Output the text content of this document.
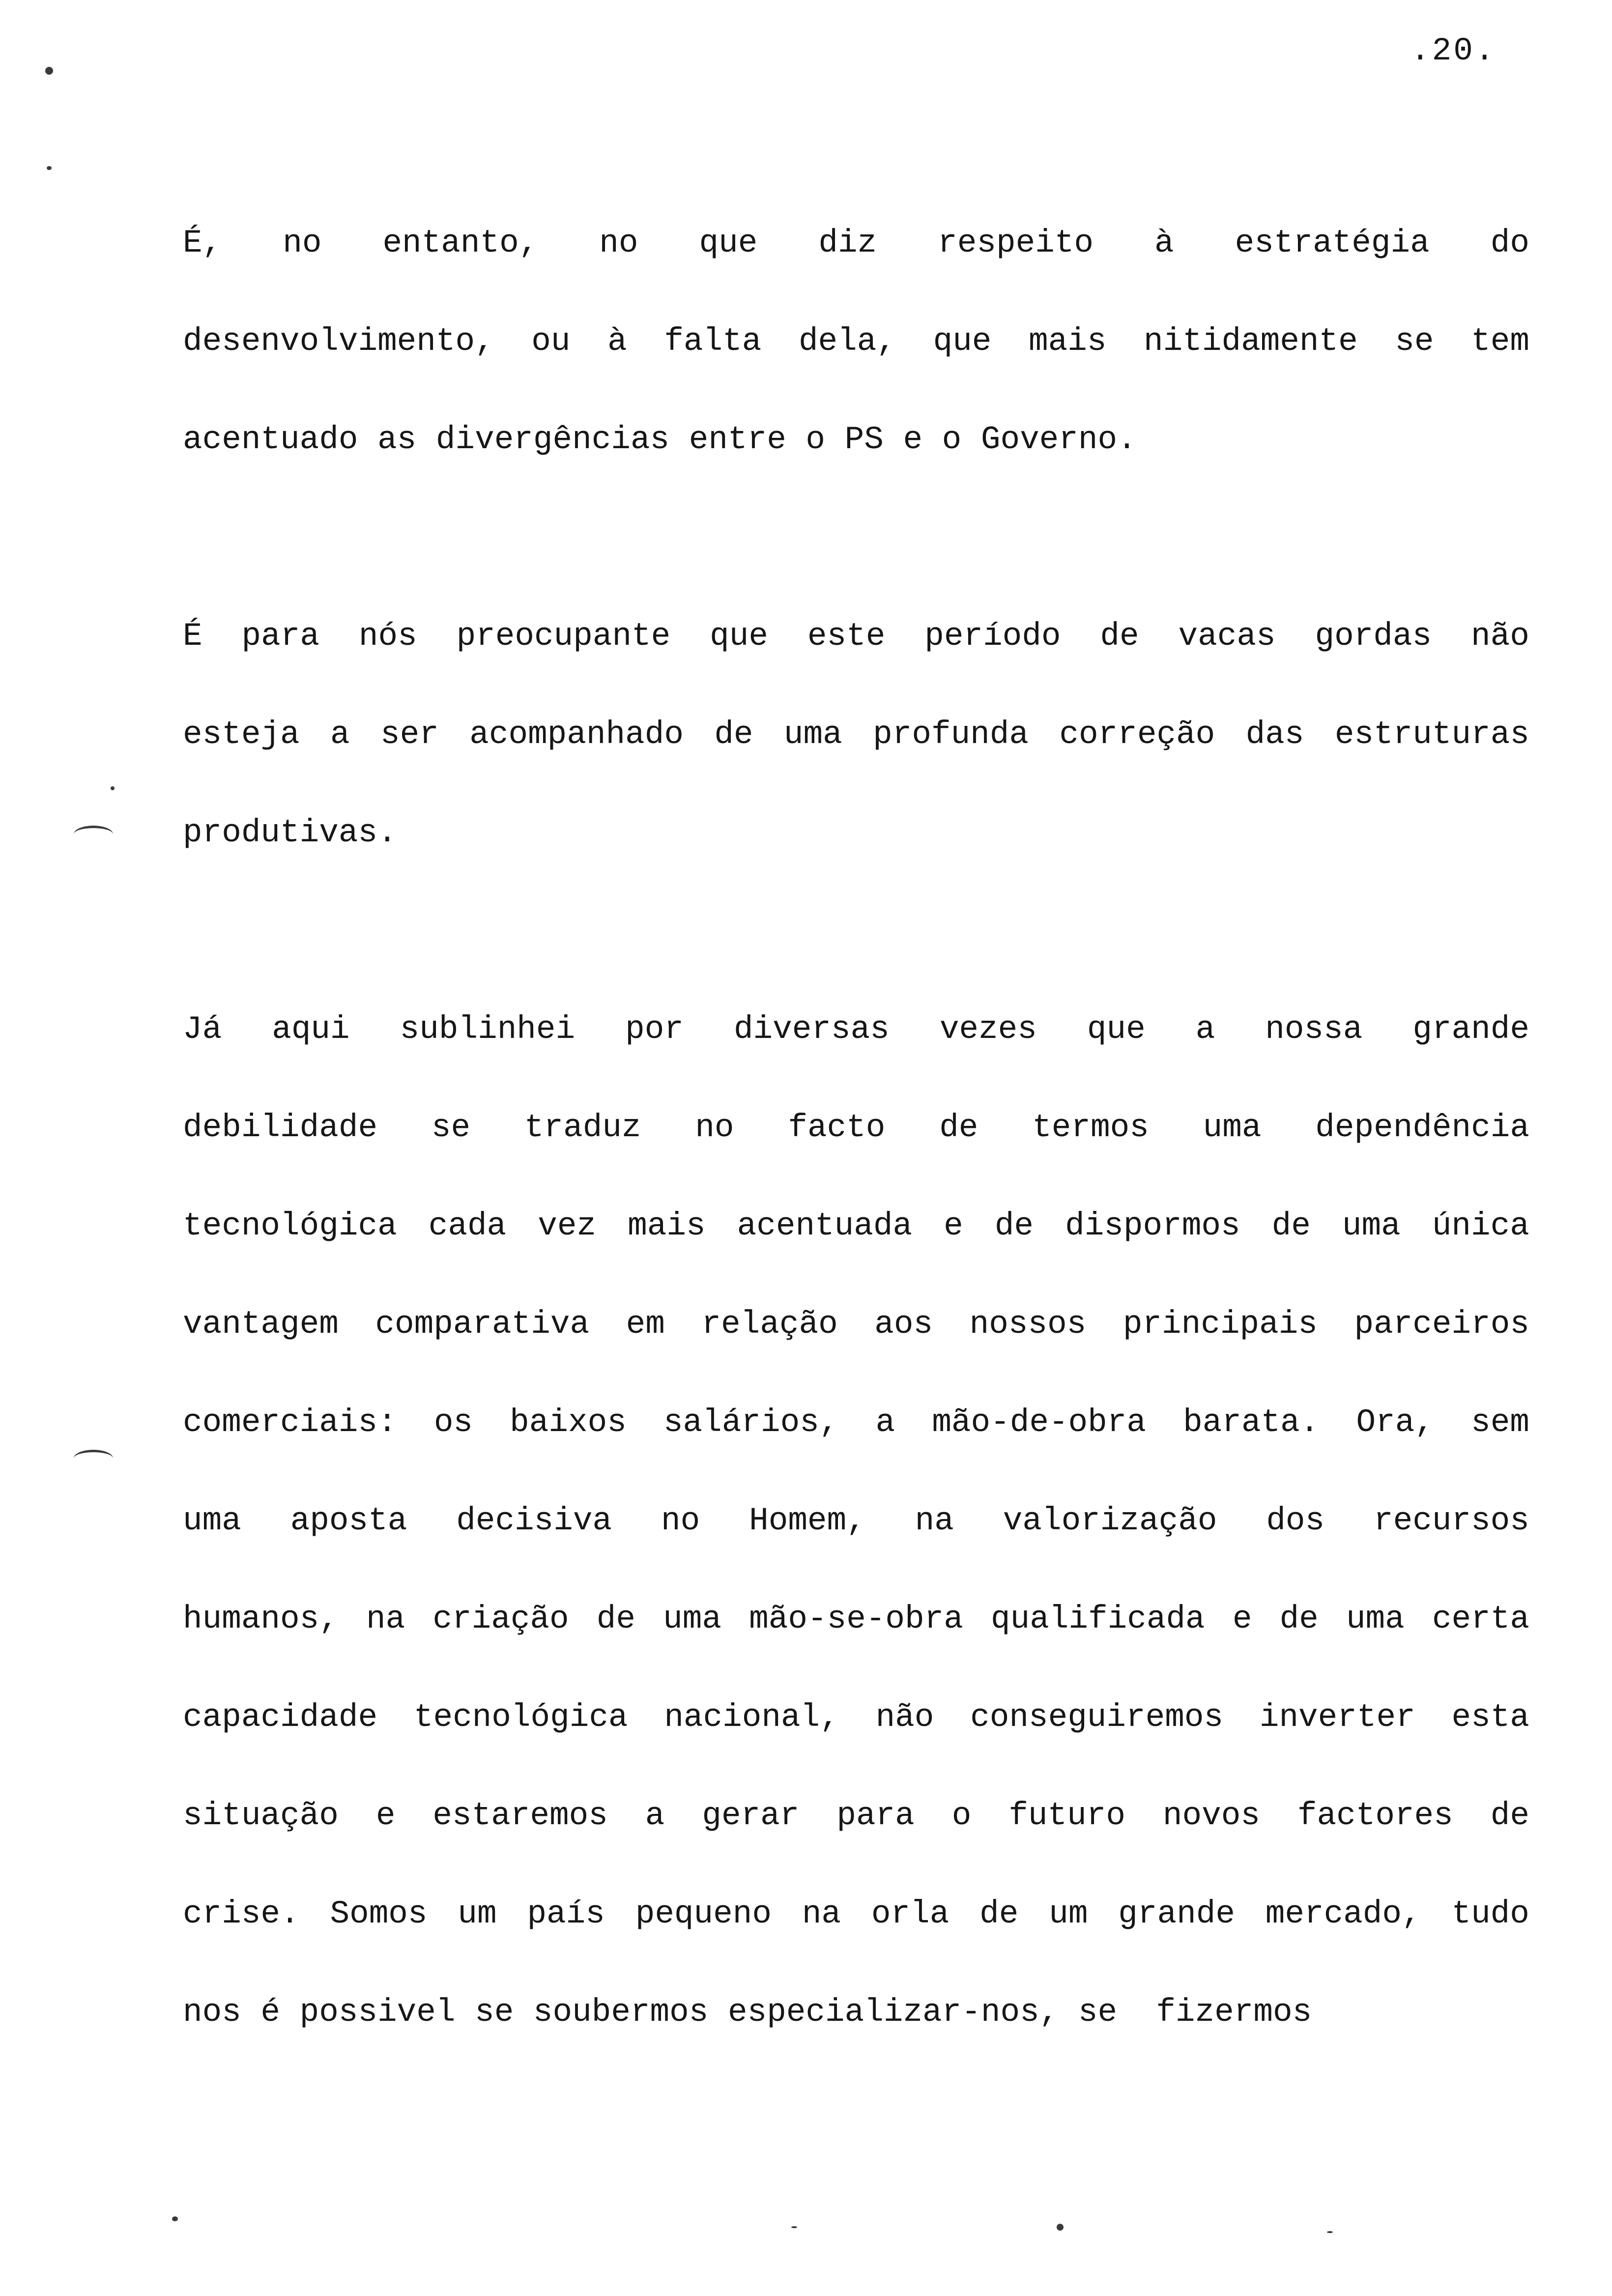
.20.
É, no entanto, no que diz respeito à estratégia do
desenvolvimento, ou à falta dela, que mais nitidamente se tem
acentuado as divergências entre o PS e o Governo.
É para nós preocupante que este período de vacas gordas não
esteja a ser acompanhado de uma profunda correção das estruturas
produtivas.
Já aqui sublinhei por diversas vezes que a nossa grande
debilidade se traduz no facto de termos uma dependência
tecnológica cada vez mais acentuada e de dispormos de uma única
vantagem comparativa em relação aos nossos principais parceiros
comerciais: os baixos salários, a mão-de-obra barata. Ora, sem
uma aposta decisiva no Homem, na valorização dos recursos
humanos, na criação de uma mão-se-obra qualificada e de uma certa
capacidade tecnológica nacional, não conseguiremos inverter esta
situação e estaremos a gerar para o futuro novos factores de
crise. Somos um país pequeno na orla de um grande mercado, tudo
nos é possivel se soubermos especializar-nos, se  fizermos
